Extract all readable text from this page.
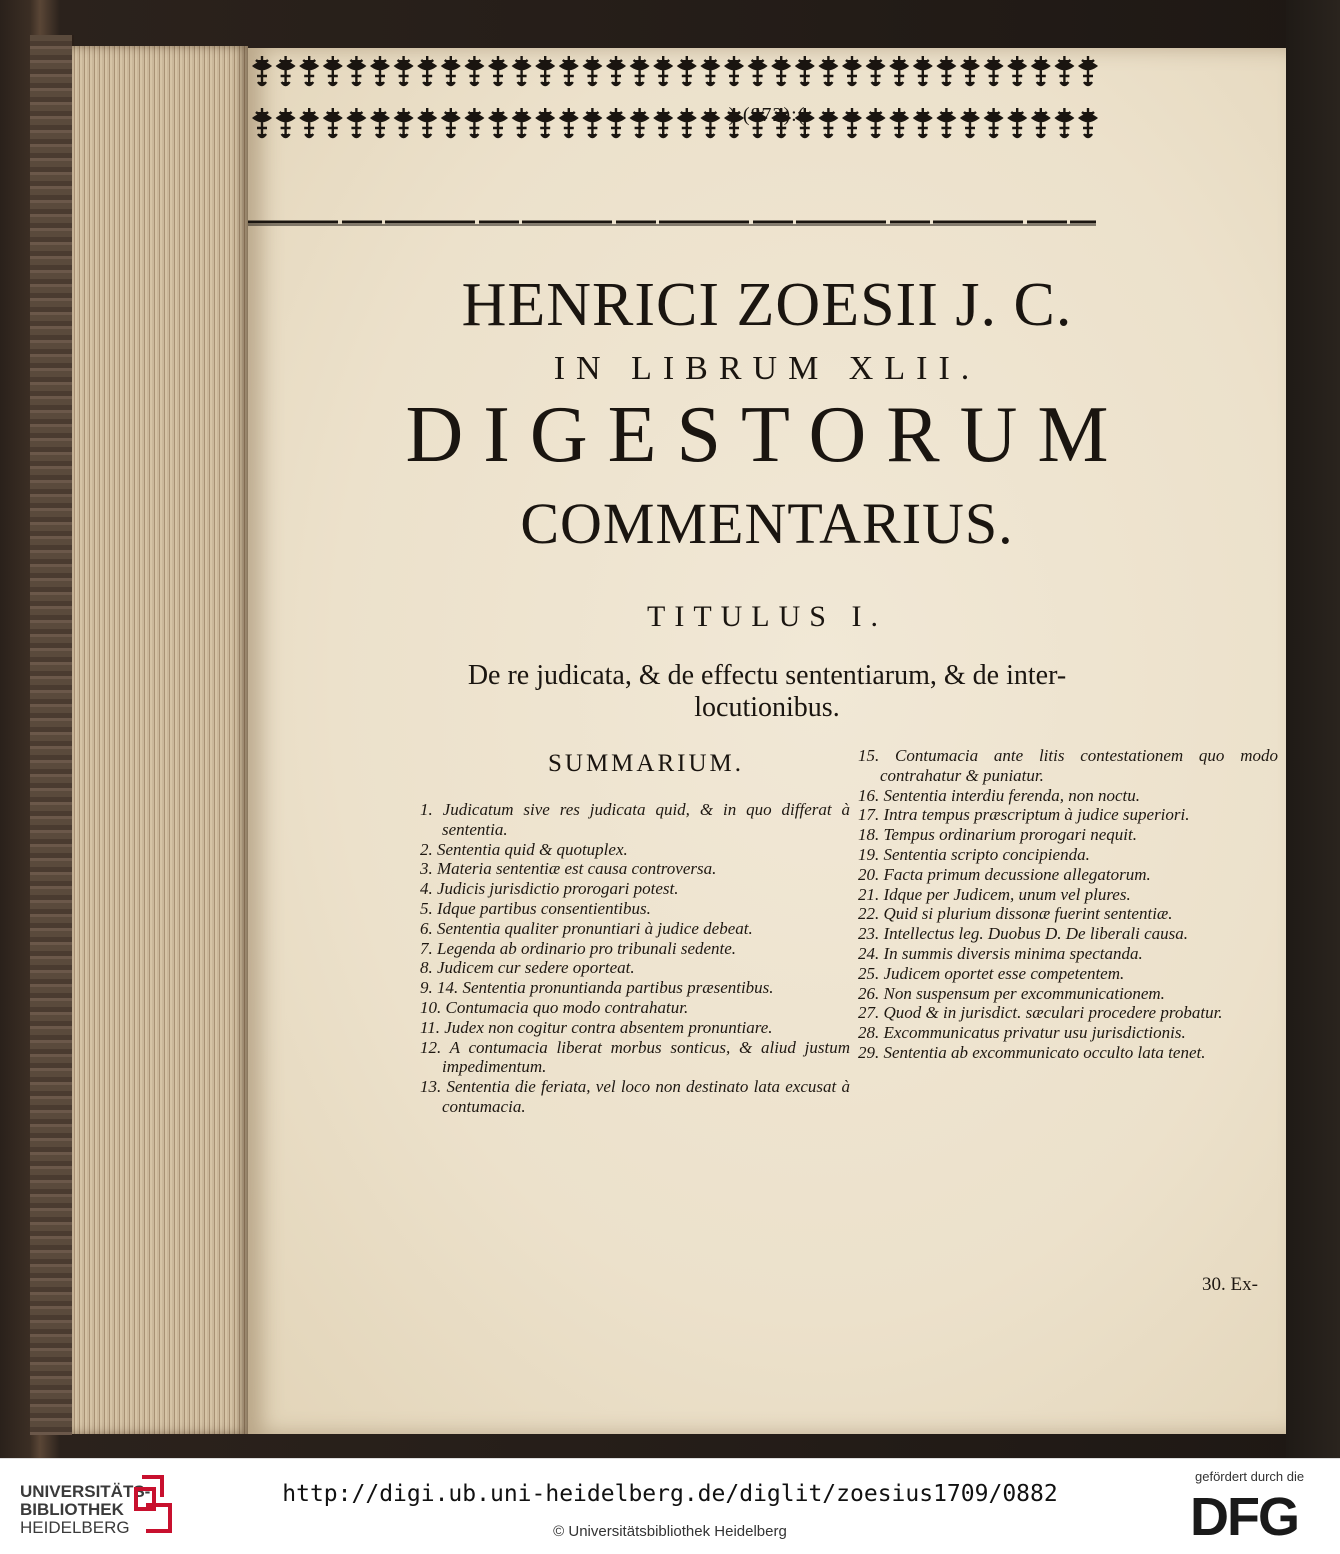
):(872):(

HENRICI ZOESII J. C.
IN LIBRUM XLII.
DIGESTORUM
COMMENTARIUS.
TITULUS I.
De re judicata, & de effectu sententiarum, & de inter-
locutionibus.
SUMMARIUM.
1. Judicatum sive res judicata quid, & in quo differat à sententia.
2. Sententia quid & quotuplex.
3. Materia sententiæ est causa controversa.
4. Judicis jurisdictio prorogari potest.
5. Idque partibus consentientibus.
6. Sententia qualiter pronuntiari à judice debeat.
7. Legenda ab ordinario pro tribunali sedente.
8. Judicem cur sedere oporteat.
9. 14. Sententia pronuntianda partibus præsentibus.
10. Contumacia quo modo contrahatur.
11. Judex non cogitur contra absentem pronuntiare.
12. A contumacia liberat morbus sonticus, & aliud justum impedimentum.
13. Sententia die feriata, vel loco non destinato lata excusat à contumacia.
15. Contumacia ante litis contestationem quo modo contrahatur & puniatur.
16. Sententia interdiu ferenda, non noctu.
17. Intra tempus præscriptum à judice superiori.
18. Tempus ordinarium prorogari nequit.
19. Sententia scripto concipienda.
20. Facta primum decussione allegatorum.
21. Idque per Judicem, unum vel plures.
22. Quid si plurium dissonæ fuerint sententiæ.
23. Intellectus leg. Duobus D. De liberali causa.
24. In summis diversis minima spectanda.
25. Judicem oportet esse competentem.
26. Non suspensum per excommunicationem.
27. Quod & in jurisdict. sæculari procedere probatur.
28. Excommunicatus privatur usu jurisdictionis.
29. Sententia ab excommunicato occulto lata tenet.
30. Ex-
UNIVERSITÄTS-
BIBLIOTHEK
HEIDELBERG
http://digi.ub.uni-heidelberg.de/diglit/zoesius1709/0882
© Universitätsbibliothek Heidelberg
gefördert durch die
DFG
